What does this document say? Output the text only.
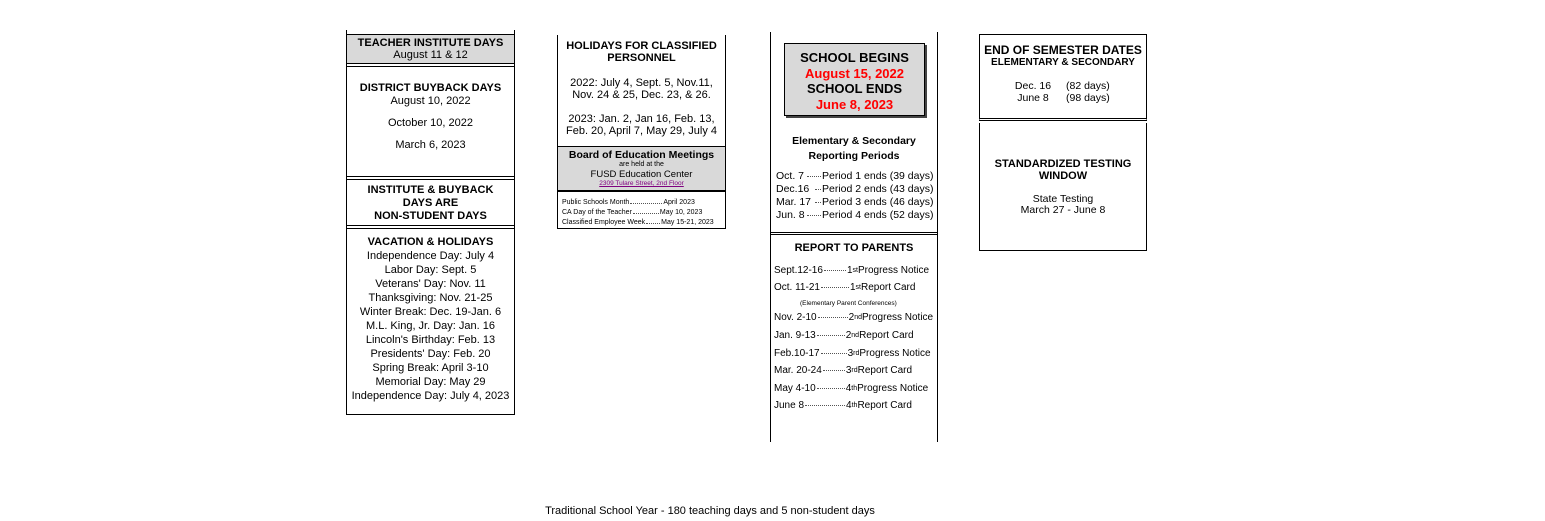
TEACHER INSTITUTE DAYS
August 11 & 12
DISTRICT BUYBACK DAYS
August 10, 2022
October 10, 2022
March 6, 2023
INSTITUTE & BUYBACK
DAYS ARE
NON-STUDENT DAYS
VACATION & HOLIDAYS
Independence Day: July 4
Labor Day: Sept. 5
Veterans' Day: Nov. 11
Thanksgiving: Nov. 21-25
Winter Break: Dec. 19-Jan. 6
M.L. King, Jr. Day: Jan. 16
Lincoln's Birthday: Feb. 13
Presidents' Day: Feb. 20
Spring Break: April 3-10
Memorial Day: May 29
Independence Day: July 4, 2023
HOLIDAYS FOR CLASSIFIED
PERSONNEL
2022: July 4, Sept. 5, Nov.11,
Nov. 24 & 25, Dec. 23, & 26.
2023: Jan. 2, Jan 16, Feb. 13,
Feb. 20, April 7, May 29, July 4
Board of Education Meetings
are held at the
FUSD Education Center
2309 Tulare Street, 2nd Floor
Public Schools Month	April 2023
CA Day of the Teacher	May 10, 2023
Classified Employee Week May 15-21, 2023
SCHOOL BEGINS
August 15, 2022
SCHOOL ENDS
June 8, 2023
Elementary & Secondary
Reporting Periods
Oct. 7 Period 1 ends (39 days)
Dec.16	Period 2 ends (43 days)
Mar. 17 Period 3 ends (46 days)
Jun. 8 Period 4 ends (52 days)
REPORT TO PARENTS
Sept.12-16 1 st Progress Notice
Oct. 11-21	1 st Report Card
(Elementary Parent Conferences)
Nov. 2-10	2 nd Progress Notice
Jan. 9-13	2 nd Report Card
Feb.10-17	3 rd Progress Notice
Mar. 20-24 3 rd Report Card
May 4-10	4 th Progress Notice
June 8	4 th Report Card
END OF SEMESTER DATES
ELEMENTARY & SECONDARY
Dec. 16	(82 days)
June 8	(98 days)
STANDARDIZED TESTING
WINDOW
State Testing
March 27 - June 8
Traditional School Year - 180 teaching days and 5 non-student days
